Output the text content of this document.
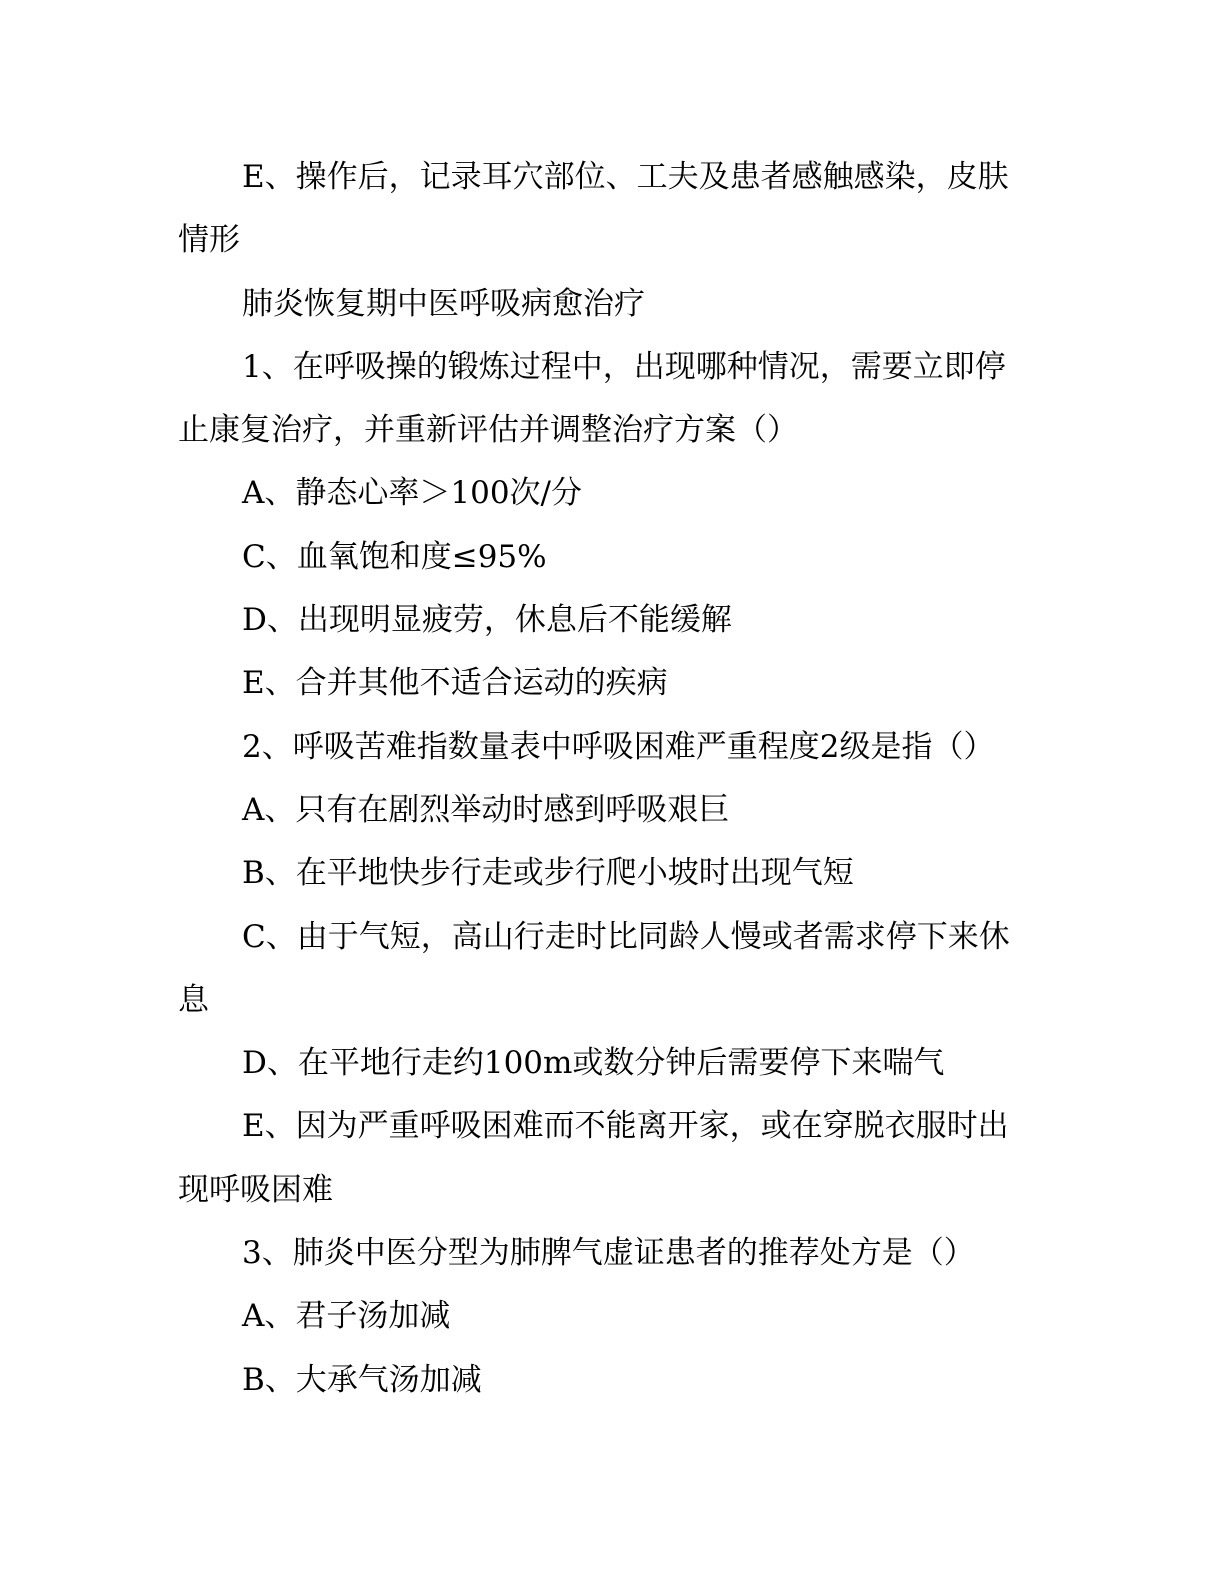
E、操作后，记录耳穴部位、工夫及患者感触感染，皮肤情形

肺炎恢复期中医呼吸病愈治疗

1、在呼吸操的锻炼过程中，出现哪种情况，需要立即停止康复治疗，并重新评估并调整治疗方案（）

A、静态心率＞100次/分

C、血氧饱和度≤95%

D、出现明显疲劳，休息后不能缓解

E、合并其他不适合运动的疾病

2、呼吸苦难指数量表中呼吸困难严重程度2级是指（）

A、只有在剧烈举动时感到呼吸艰巨

B、在平地快步行走或步行爬小坡时出现气短

C、由于气短，高山行走时比同龄人慢或者需求停下来休息

D、在平地行走约100m或数分钟后需要停下来喘气

E、因为严重呼吸困难而不能离开家，或在穿脱衣服时出现呼吸困难

3、肺炎中医分型为肺脾气虚证患者的推荐处方是（）

A、君子汤加减

B、大承气汤加减
